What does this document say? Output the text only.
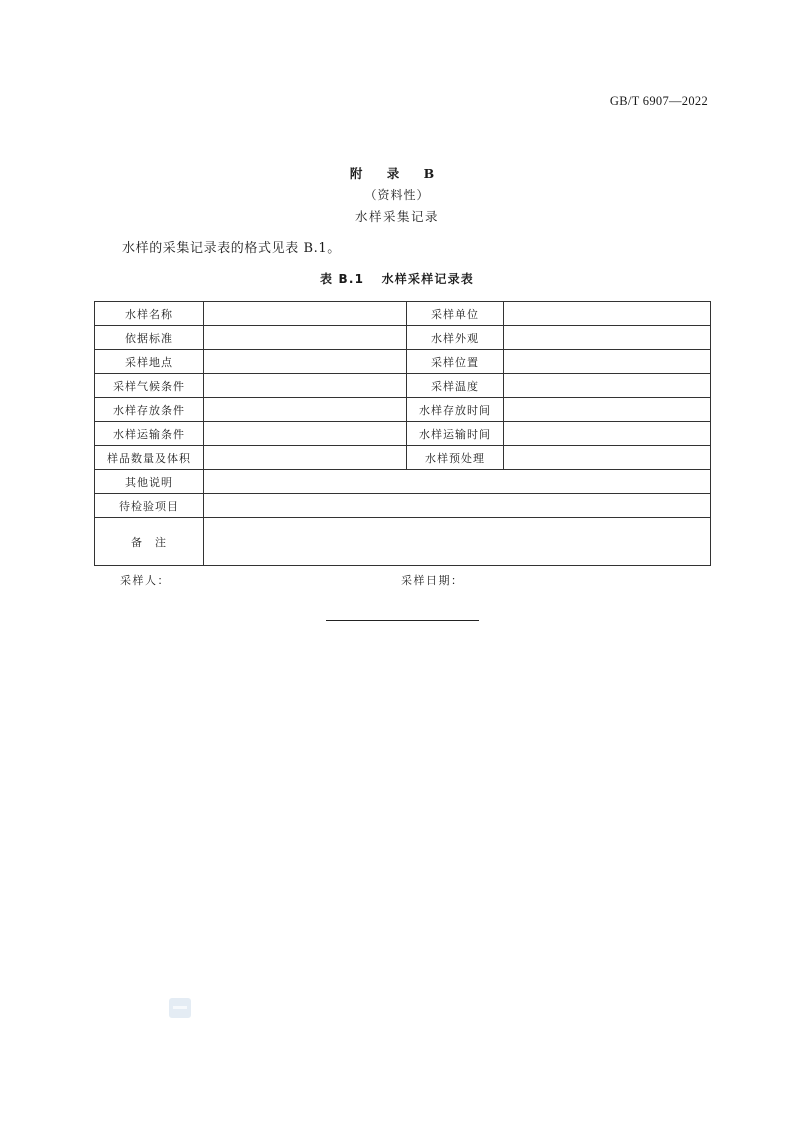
GB/T 6907—2022
附 录 B
（资料性）
水样采集记录
水样的采集记录表的格式见表 B.1。
表 B.1 水样采样记录表
水样名称		采样单位	
依据标准		水样外观	
采样地点		采样位置	
采样气候条件		采样温度	
水样存放条件		水样存放时间	
水样运输条件		水样运输时间	
样品数量及体积		水样预处理	
其他说明			
待检验项目			
备　注			
采样人：	采样日期：
